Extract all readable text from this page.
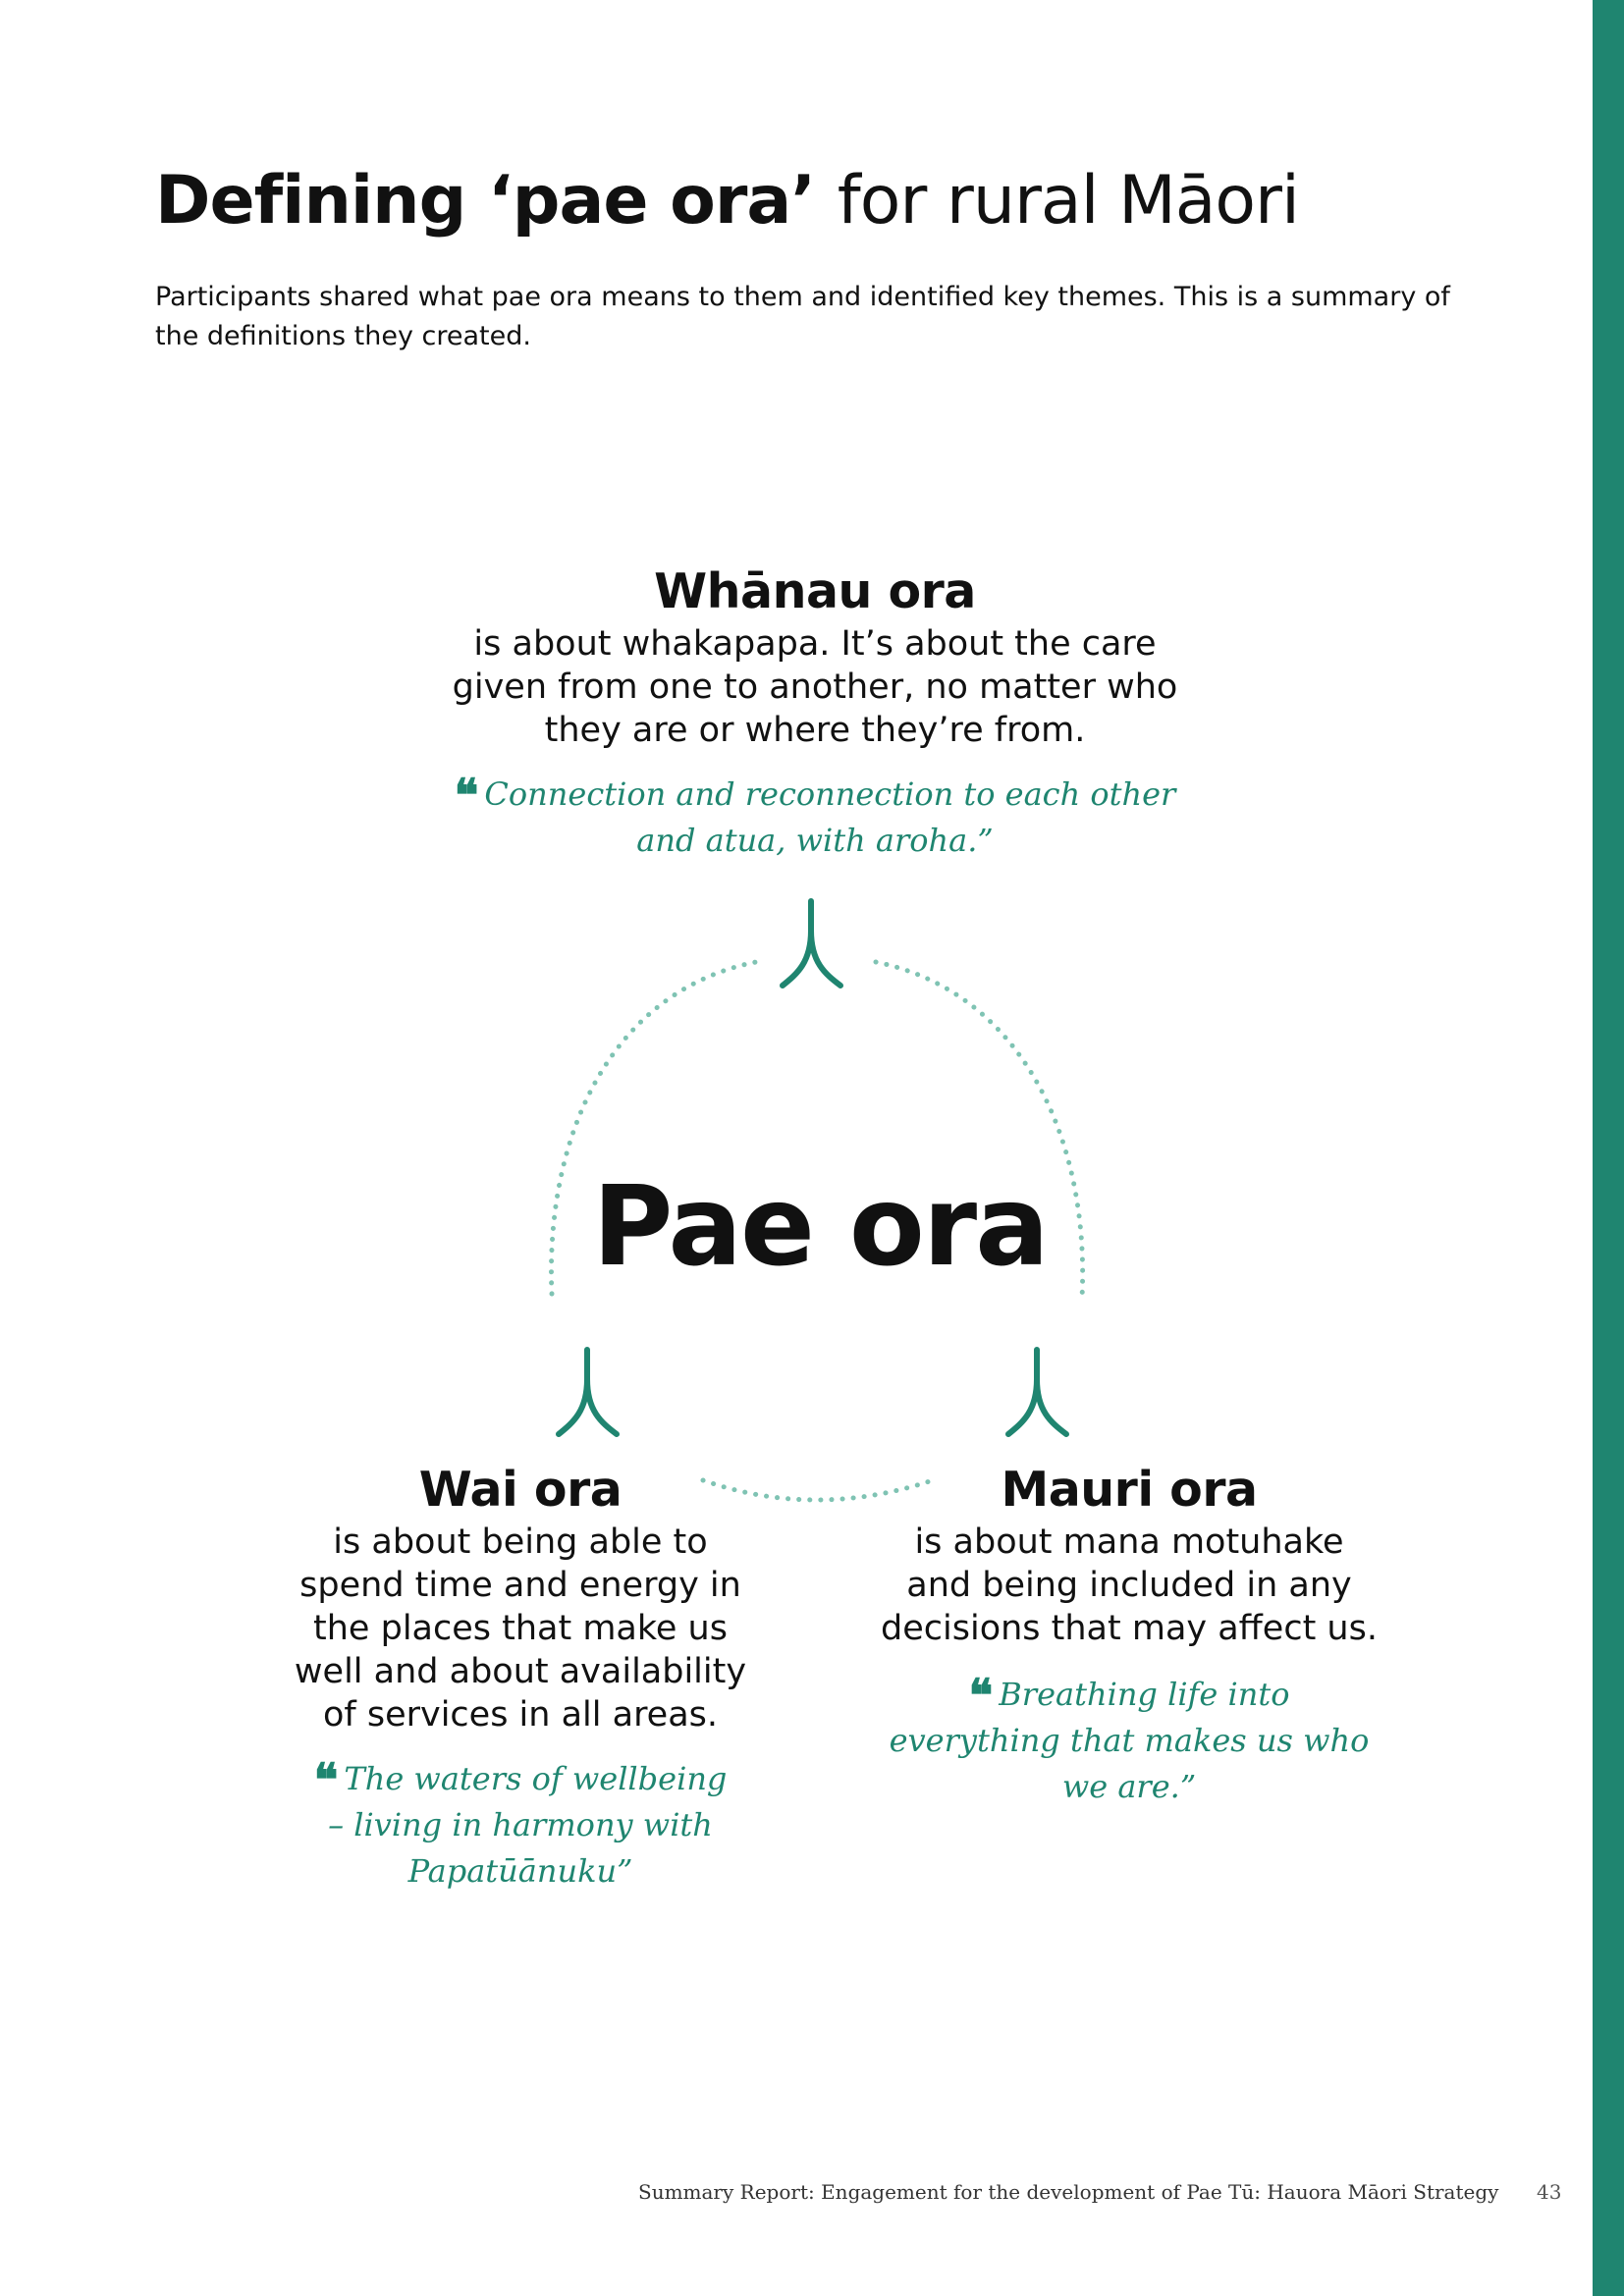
Defining ‘pae ora’ for rural Māori

Participants shared what pae ora means to them and identified key themes. This is a summary of the definitions they created.

Pae ora
Whānau ora
is about whakapapa. It’s about the care
given from one to another, no matter who
they are or where they’re from.
❝ Connection and reconnection to each other
and atua, with aroha.”
Wai ora
is about being able to
spend time and energy in
the places that make us
well and about availability
of services in all areas.
❝ The waters of wellbeing
– living in harmony with
Papatūānuku”
Mauri ora
is about mana motuhake
and being included in any
decisions that may affect us.
❝ Breathing life into
everything that makes us who
we are.”
Summary Report: Engagement for the development of Pae Tū: Hauora Māori Strategy 43
